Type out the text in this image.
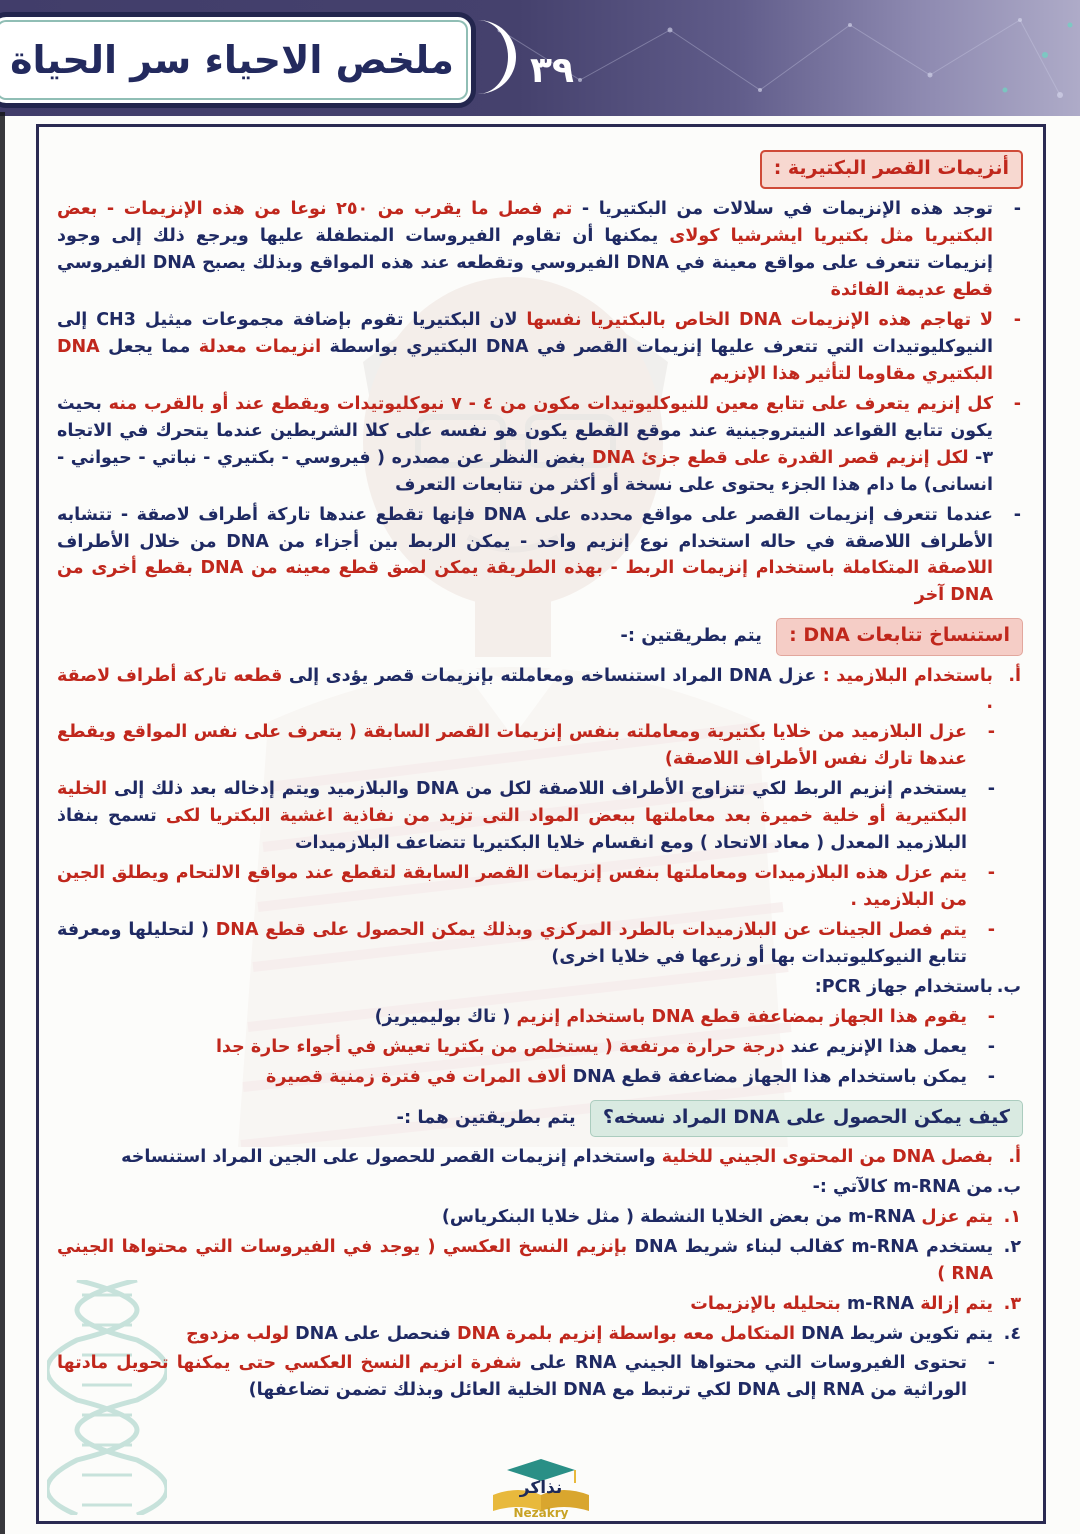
ملخص الاحياء سر الحياة ٣٩
أنزيمات القصر البكتيرية :
-
توجد هذه الإنزيمات في سلالات من البكتيريا - تم فصل ما يقرب من ٢٥٠ نوعا من هذه الإنزيمات - بعض البكتيريا مثل بكتيريا ايشرشيا كولاى يمكنها أن تقاوم الفيروسات المتطفلة عليها ويرجع ذلك إلى وجود إنزيمات تتعرف على مواقع معينة في DNA الفيروسي وتقطعه عند هذه المواقع وبذلك يصبح DNA الفيروسي قطع عديمة الفائدة
-
لا تهاجم هذه الإنزيمات DNA الخاص بالبكتيريا نفسها لان البكتيريا تقوم بإضافة مجموعات ميثيل CH3 إلى النيوكليوتيدات التي تتعرف عليها إنزيمات القصر في DNA البكتيري بواسطة انزيمات معدلة مما يجعل DNA البكتيري مقاوما لتأثير هذا الإنزيم
-
كل إنزيم يتعرف على تتابع معين للنيوكليوتيدات مكون من ٤ - ٧ نيوكليوتيدات ويقطع عند أو بالقرب منه بحيث يكون تتابع القواعد النيتروجينية عند موقع القطع يكون هو نفسه على كلا الشريطين عندما يتحرك في الاتجاه ٣- لكل إنزيم قصر القدرة على قطع جزئ DNA بغض النظر عن مصدره ( فيروسي - بكتيري - نباتي - حيواني - انسانى) ما دام هذا الجزء يحتوى على نسخة أو أكثر من تتابعات التعرف
-
عندما تتعرف إنزيمات القصر على مواقع محدده على DNA فإنها تقطع عندها تاركة أطراف لاصقة - تتشابه الأطراف اللاصقة في حاله استخدام نوع إنزيم واحد - يمكن الربط بين أجزاء من DNA من خلال الأطراف اللاصقة المتكاملة باستخدام إنزيمات الربط - بهذه الطريقة يمكن لصق قطع معينه من DNA بقطع أخرى من DNA آخر
استنساخ تتابعات DNA : يتم بطريقتين :-
أ.
باستخدام البلازميد : عزل DNA المراد استنساخه ومعاملته بإنزيمات قصر يؤدى إلى قطعه تاركة أطراف لاصقة .
-
عزل البلازميد من خلايا بكتيرية ومعاملته بنفس إنزيمات القصر السابقة ( يتعرف على نفس المواقع ويقطع عندها تارك نفس الأطراف اللاصقة)
-
يستخدم إنزيم الربط لكي تتزاوج الأطراف اللاصقة لكل من DNA والبلازميد ويتم إدخاله بعد ذلك إلى الخلية البكتيرية أو خلية خميرة بعد معاملتها ببعض المواد التى تزيد من نفاذية اغشية البكتريا لكى تسمح بنفاذ البلازميد المعدل ( معاد الاتحاد ) ومع انقسام خلايا البكتيريا تتضاعف البلازميدات
-
يتم عزل هذه البلازميدات ومعاملتها بنفس إنزيمات القصر السابقة لتقطع عند مواقع الالتحام ويطلق الجين من البلازميد .
-
يتم فصل الجينات عن البلازميدات بالطرد المركزي وبذلك يمكن الحصول على قطع DNA ( لتحليلها ومعرفة تتابع النيوكليوتبدات بها أو زرعها في خلايا اخرى)
ب.
باستخدام جهاز PCR:
-
يقوم هذا الجهاز بمضاعفة قطع DNA باستخدام إنزيم ( تاك بوليميريز)
-
يعمل هذا الإنزيم عند درجة حرارة مرتفعة ( يستخلص من بكتريا تعيش في أجواء حارة جدا
-
يمكن باستخدام هذا الجهاز مضاعفة قطع DNA ألاف المرات في فترة زمنية قصيرة
كيف يمكن الحصول على DNA المراد نسخه؟ يتم بطريقتين هما :-
أ.
بفصل DNA من المحتوى الجيني للخلية واستخدام إنزيمات القصر للحصول على الجين المراد استنساخه
ب.
من m-RNA كالآتي :-
١.
يتم عزل m-RNA من بعض الخلايا النشطة ( مثل خلايا البنكرياس)
٢.
يستخدم m-RNA كقالب لبناء شريط DNA بإنزيم النسخ العكسي ( يوجد في الفيروسات التي محتواها الجيني RNA )
٣.
يتم إزالة m-RNA بتحليله بالإنزيمات
٤.
يتم تكوين شريط DNA المتكامل معه بواسطة إنزيم بلمرة DNA فنحصل على DNA لولب مزدوج
-
تحتوى الفيروسات التي محتواها الجيني RNA على شفرة انزيم النسخ العكسي حتى يمكنها تحويل مادتها الوراثية من RNA إلى DNA لكي ترتبط مع DNA الخلية العائل وبذلك تضمن تضاعفها)
نذاكر
Nezakry
